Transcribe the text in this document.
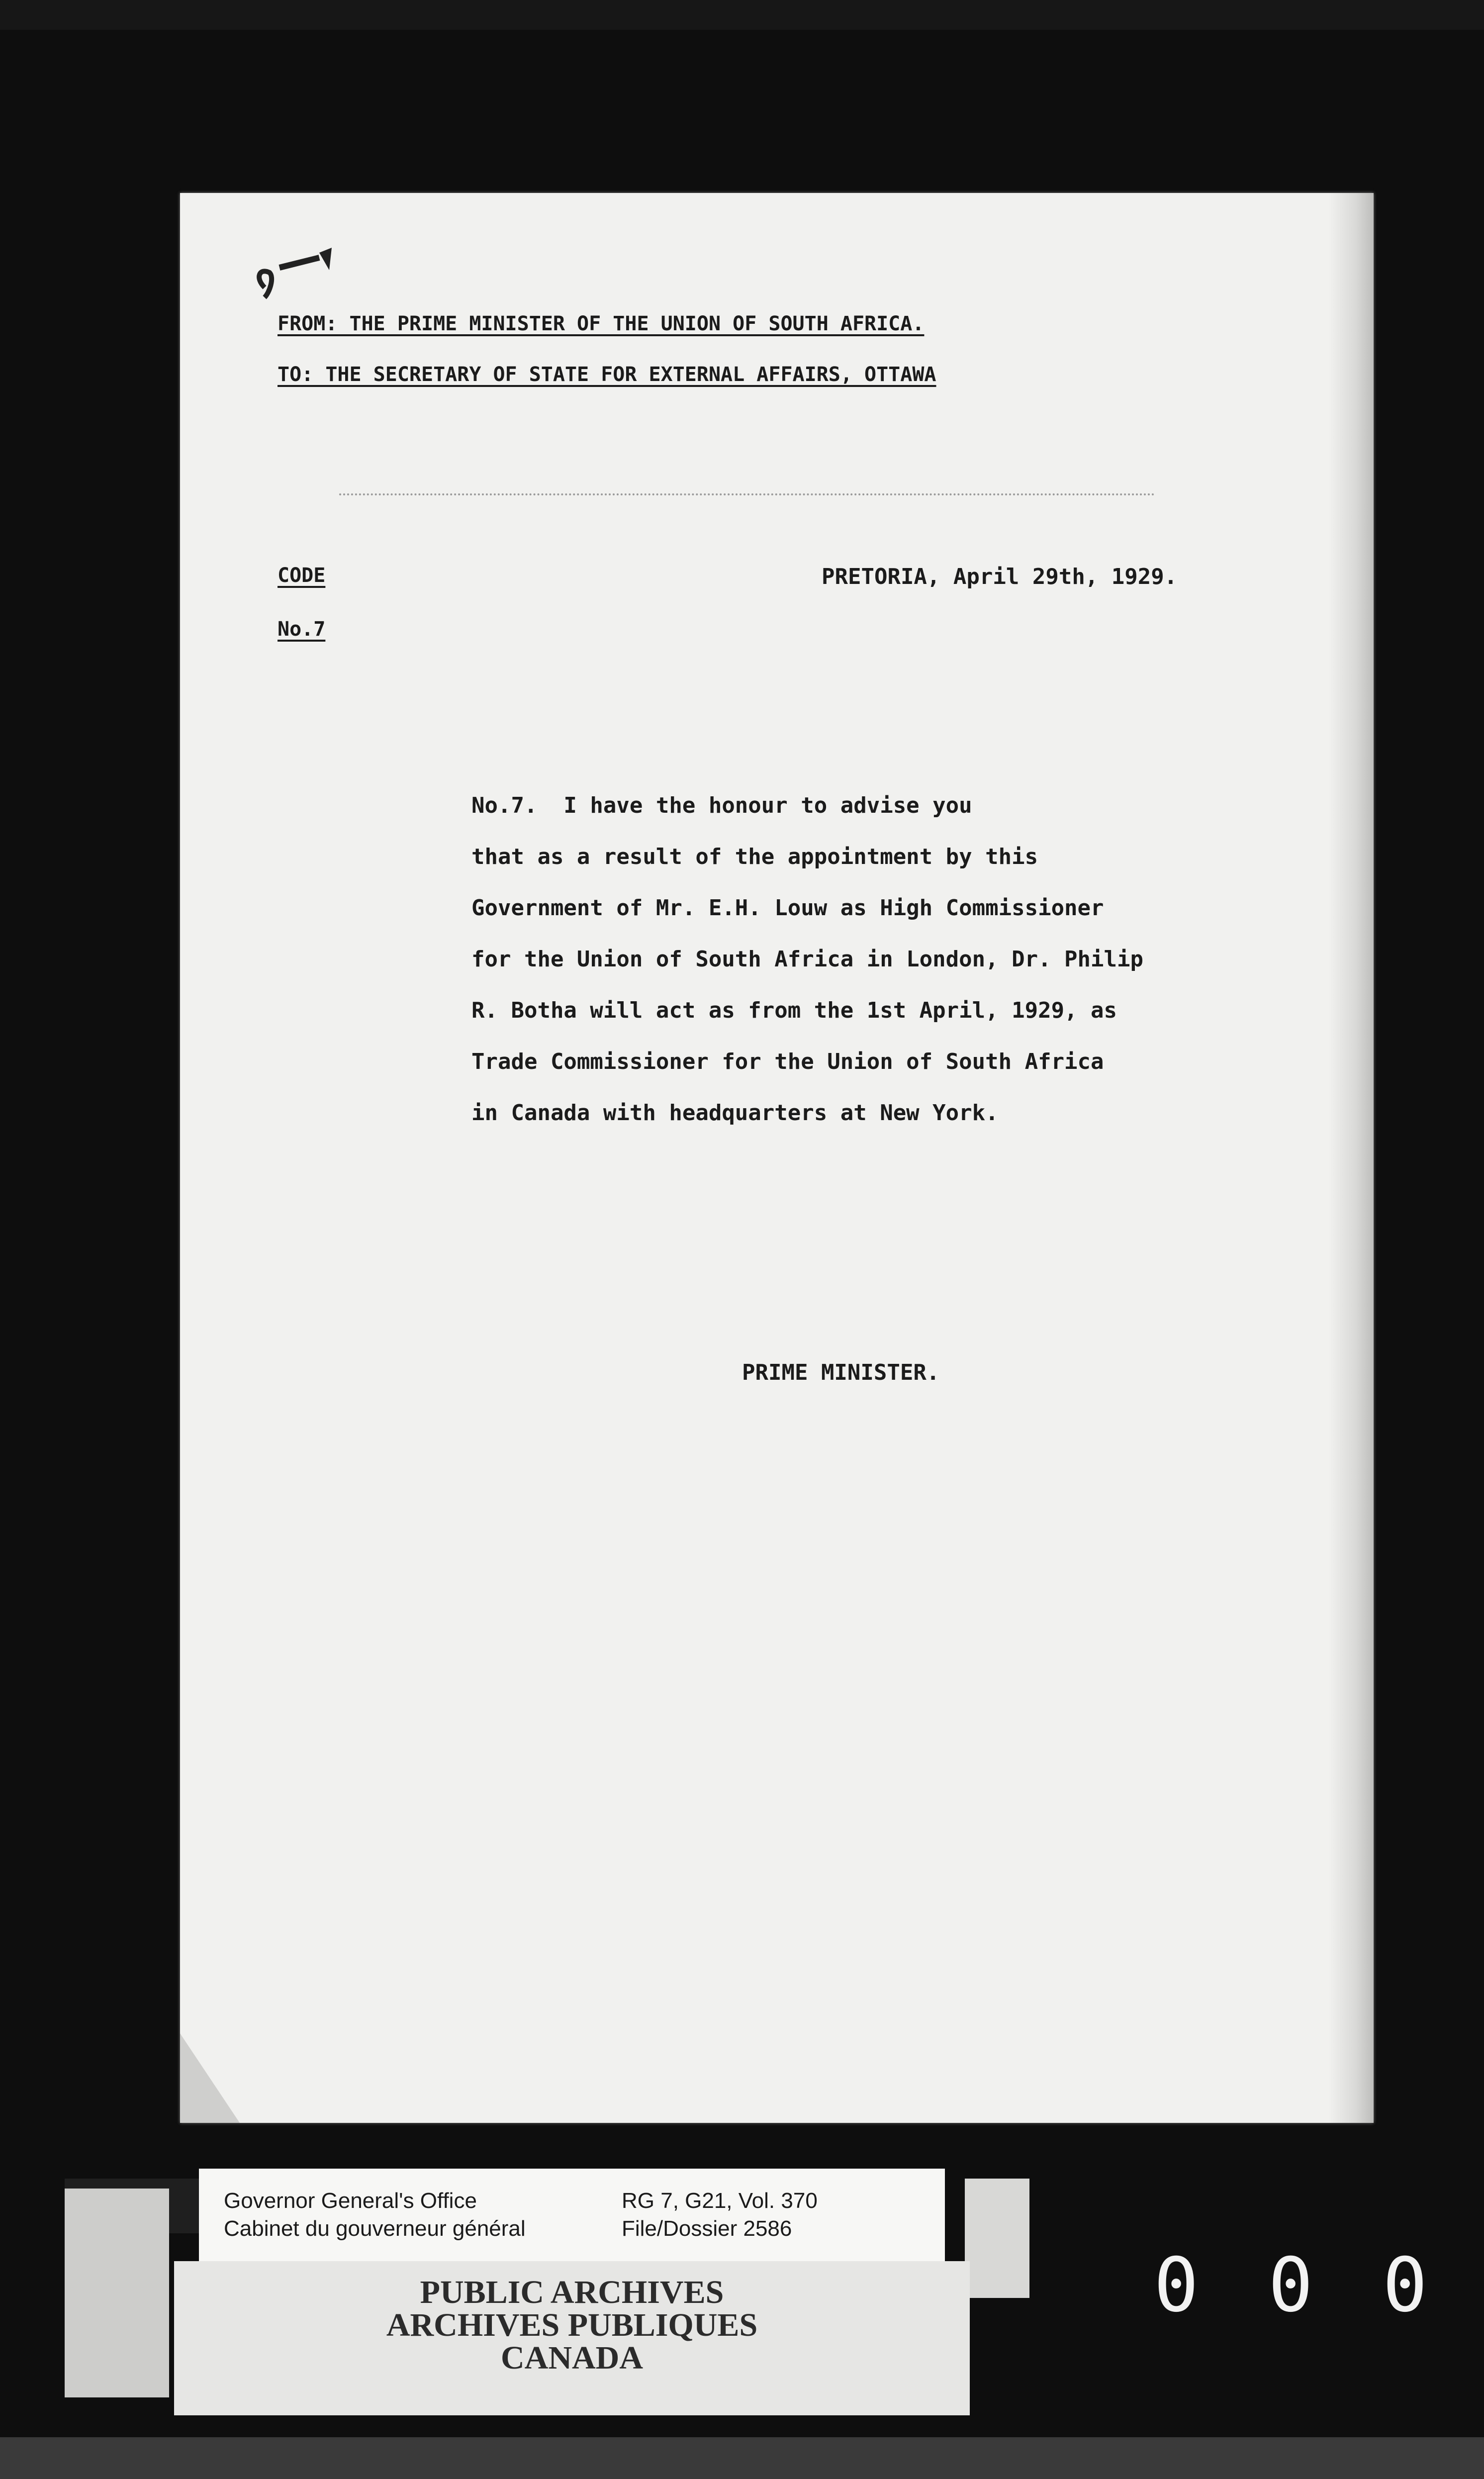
FROM: THE PRIME MINISTER OF THE UNION OF SOUTH AFRICA.

TO: THE SECRETARY OF STATE FOR EXTERNAL AFFAIRS, OTTAWA

CODE

No.7

PRETORIA, April 29th, 1929.

No.7.  I have the honour to advise you
that as a result of the appointment by this
Government of Mr. E.H. Louw as High Commissioner
for the Union of South Africa in London, Dr. Philip
R. Botha will act as from the 1st April, 1929, as
Trade Commissioner for the Union of South Africa
in Canada with headquarters at New York.

PRIME MINISTER.

Governor General's Office

Cabinet du gouverneur général

RG 7, G21, Vol. 370

File/Dossier 2586

PUBLIC ARCHIVES

ARCHIVES PUBLIQUES

CANADA

0 0 0
